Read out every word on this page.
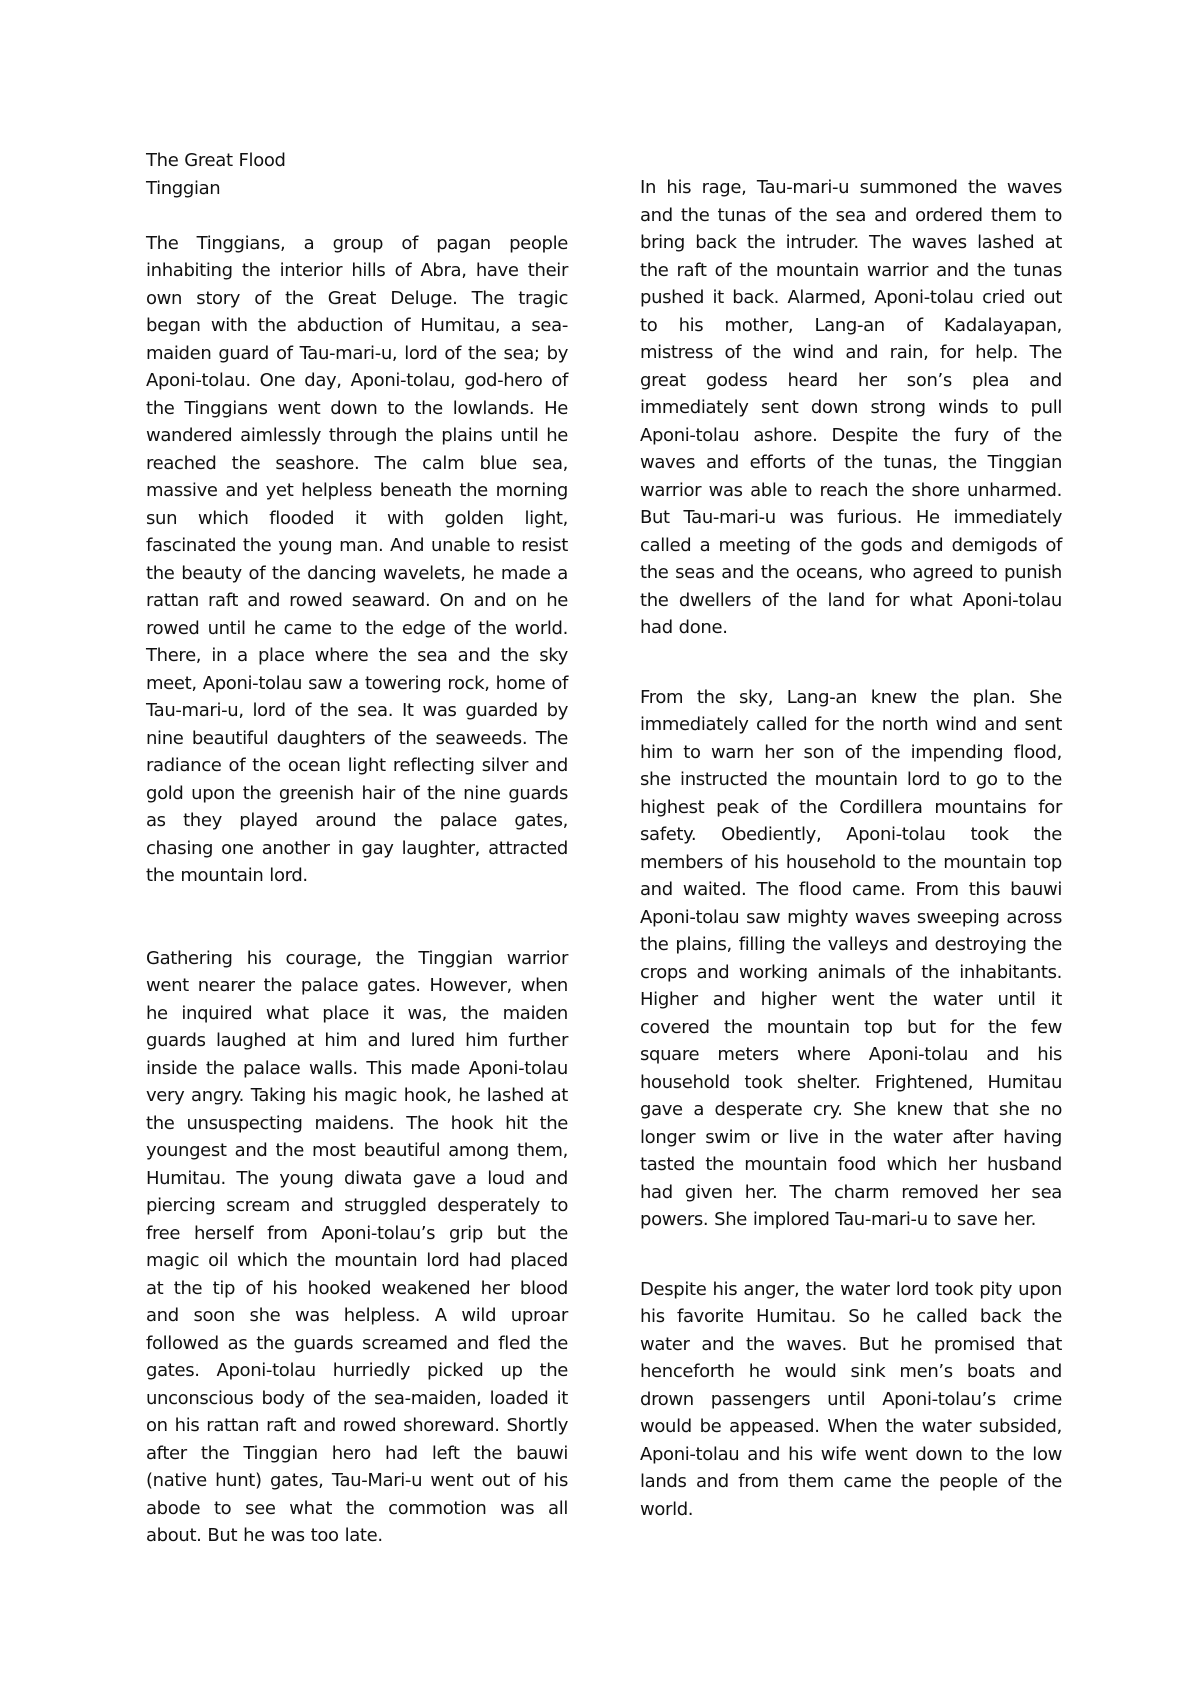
The Great Flood
Tinggian

The Tinggians, a group of pagan people inhabiting the interior hills of Abra, have their own story of the Great Deluge. The tragic began with the abduction of Humitau, a sea-maiden guard of Tau-mari-u, lord of the sea; by Aponi-tolau. One day, Aponi-tolau, god-hero of the Tinggians went down to the lowlands. He wandered aimlessly through the plains until he reached the seashore. The calm blue sea, massive and yet helpless beneath the morning sun which flooded it with golden light, fascinated the young man. And unable to resist the beauty of the dancing wavelets, he made a rattan raft and rowed seaward. On and on he rowed until he came to the edge of the world. There, in a place where the sea and the sky meet, Aponi-tolau saw a towering rock, home of Tau-mari-u, lord of the sea. It was guarded by nine beautiful daughters of the seaweeds. The radiance of the ocean light reflecting silver and gold upon the greenish hair of the nine guards as they played around the palace gates, chasing one another in gay laughter, attracted the mountain lord.

Gathering his courage, the Tinggian warrior went nearer the palace gates. However, when he inquired what place it was, the maiden guards laughed at him and lured him further inside the palace walls. This made Aponi-tolau very angry. Taking his magic hook, he lashed at the unsuspecting maidens. The hook hit the youngest and the most beautiful among them, Humitau. The young diwata gave a loud and piercing scream and struggled desperately to free herself from Aponi-tolau’s grip but the magic oil which the mountain lord had placed at the tip of his hooked weakened her blood and soon she was helpless. A wild uproar followed as the guards screamed and fled the gates. Aponi-tolau hurriedly picked up the unconscious body of the sea-maiden, loaded it on his rattan raft and rowed shoreward. Shortly after the Tinggian hero had left the bauwi (native hunt) gates, Tau-Mari-u went out of his abode to see what the commotion was all about. But he was too late.

In his rage, Tau-mari-u summoned the waves and the tunas of the sea and ordered them to bring back the intruder. The waves lashed at the raft of the mountain warrior and the tunas pushed it back. Alarmed, Aponi-tolau cried out to his mother, Lang-an of Kadalayapan, mistress of the wind and rain, for help. The great godess heard her son’s plea and immediately sent down strong winds to pull Aponi-tolau ashore. Despite the fury of the waves and efforts of the tunas, the Tinggian warrior was able to reach the shore unharmed. But Tau-mari-u was furious. He immediately called a meeting of the gods and demigods of the seas and the oceans, who agreed to punish the dwellers of the land for what Aponi-tolau had done.

From the sky, Lang-an knew the plan. She immediately called for the north wind and sent him to warn her son of the impending flood, she instructed the mountain lord to go to the highest peak of the Cordillera mountains for safety. Obediently, Aponi-tolau took the members of his household to the mountain top and waited. The flood came. From this bauwi Aponi-tolau saw mighty waves sweeping across the plains, filling the valleys and destroying the crops and working animals of the inhabitants. Higher and higher went the water until it covered the mountain top but for the few square meters where Aponi-tolau and his household took shelter. Frightened, Humitau gave a desperate cry. She knew that she no longer swim or live in the water after having tasted the mountain food which her husband had given her. The charm removed her sea powers. She implored Tau-mari-u to save her.

Despite his anger, the water lord took pity upon his favorite Humitau. So he called back the water and the waves. But he promised that henceforth he would sink men’s boats and drown passengers until Aponi-tolau’s crime would be appeased. When the water subsided, Aponi-tolau and his wife went down to the low lands and from them came the people of the world.
